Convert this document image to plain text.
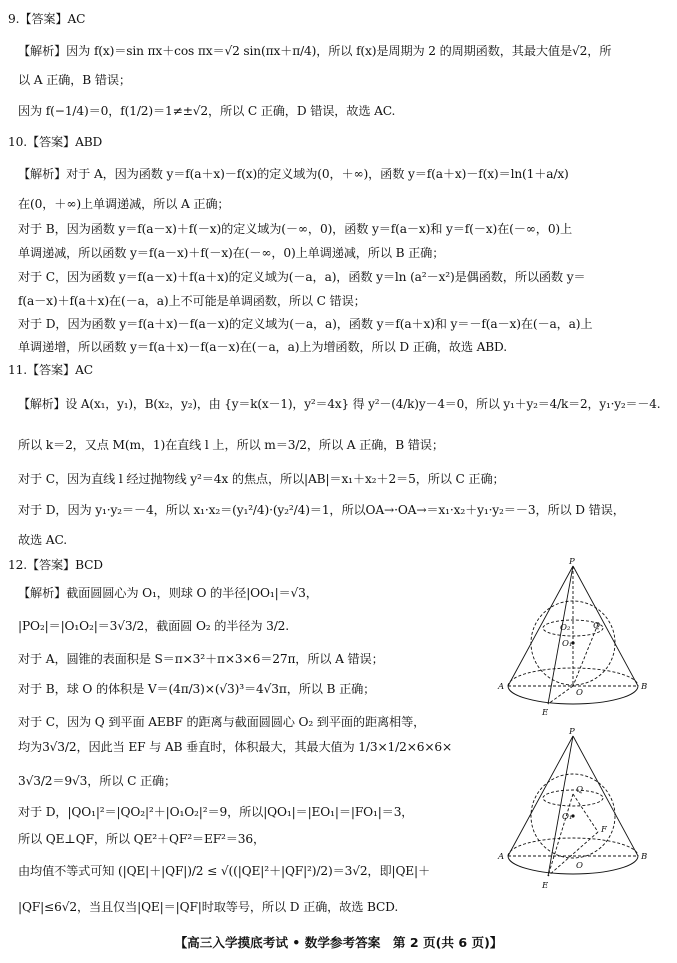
9.【答案】AC
【解析】因为 f(x)＝sin πx＋cos πx＝√2 sin(πx＋π/4)，所以 f(x)是周期为 2 的周期函数，其最大值是√2，所
以 A 正确，B 错误；
因为 f(−1/4)＝0，f(1/2)＝1≠±√2，所以 C 正确，D 错误，故选 AC.
10.【答案】ABD
【解析】对于 A，因为函数 y＝f(a＋x)－f(x)的定义域为(0，＋∞)，函数 y＝f(a＋x)－f(x)＝ln(1＋a/x)
在(0，＋∞)上单调递减，所以 A 正确；
对于 B，因为函数 y＝f(a－x)＋f(－x)的定义域为(－∞，0)，函数 y＝f(a－x)和 y＝f(－x)在(－∞，0)上
单调递减，所以函数 y＝f(a－x)＋f(－x)在(－∞，0)上单调递减，所以 B 正确；
对于 C，因为函数 y＝f(a－x)＋f(a＋x)的定义域为(－a，a)，函数 y＝ln (a²－x²)是偶函数，所以函数 y＝
f(a－x)＋f(a＋x)在(－a，a)上不可能是单调函数，所以 C 错误；
对于 D，因为函数 y＝f(a＋x)－f(a－x)的定义域为(－a，a)，函数 y＝f(a＋x)和 y＝－f(a－x)在(－a，a)上
单调递增，所以函数 y＝f(a＋x)－f(a－x)在(－a，a)上为增函数，所以 D 正确，故选 ABD.
11.【答案】AC
【解析】设 A(x₁，y₁)，B(x₂，y₂)，由 {y＝k(x－1)，y²＝4x} 得 y²－(4/k)y－4＝0，所以 y₁＋y₂＝4/k＝2，y₁·y₂＝－4.
所以 k＝2，又点 M(m，1)在直线 l 上，所以 m＝3/2，所以 A 正确，B 错误；
对于 C，因为直线 l 经过抛物线 y²＝4x 的焦点，所以|AB|＝x₁＋x₂＋2＝5，所以 C 正确；
对于 D，因为 y₁·y₂＝－4，所以 x₁·x₂＝(y₁²/4)·(y₂²/4)＝1，所以OA→·OA→＝x₁·x₂＋y₁·y₂＝－3，所以 D 错误，
故选 AC.
12.【答案】BCD
【解析】截面圆圆心为 O₁，则球 O 的半径|OO₁|＝√3，
|PO₂|＝|O₁O₂|＝3√3/2，截面圆 O₂ 的半径为 3/2.
对于 A，圆锥的表面积是 S＝π×3²＋π×3×6＝27π，所以 A 错误；
对于 B，球 O 的体积是 V＝(4π/3)×(√3)³＝4√3π，所以 B 正确；
对于 C，因为 Q 到平面 AEBF 的距离与截面圆圆心 O₂ 到平面的距离相等，
均为3√3/2，因此当 EF 与 AB 垂直时，体积最大，其最大值为 1/3×1/2×6×6×
3√3/2＝9√3，所以 C 正确；
对于 D，|QO₁|²＝|QO₂|²＋|O₁O₂|²＝9，所以|QO₁|＝|EO₁|＝|FO₁|＝3，
所以 QE⊥QF，所以 QE²＋QF²＝EF²＝36，
由均值不等式可知 (|QE|＋|QF|)/2 ≤ √((|QE|²＋|QF|²)/2)＝3√2，即|QE|＋
|QF|≤6√2，当且仅当|QE|＝|QF|时取等号，所以 D 正确，故选 BCD.
P
A	B
E
O
O₁
O₂	Q
P
A	B
E
F
O
O₁
Q
【高三入学摸底考试 • 数学参考答案　第 2 页(共 6 页)】
